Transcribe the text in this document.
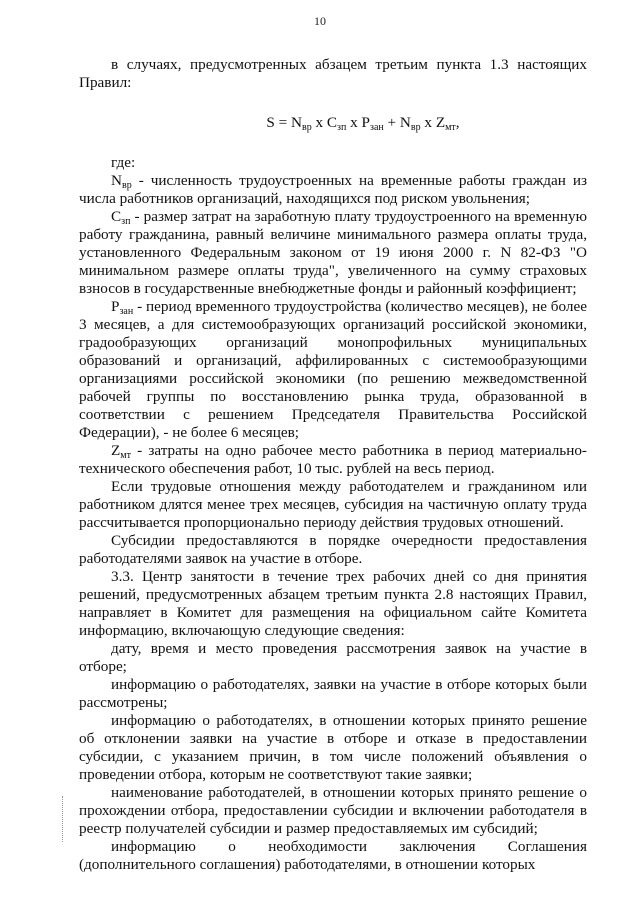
10

в случаях, предусмотренных абзацем третьим пункта 1.3 настоящих Правил:

$S = N_{вр}$ x $C_{зп}$ x $P_{зан} + N_{вр}$ x $Z_{мт}$,

где:

$N_{вр}$ - численность трудоустроенных на временные работы граждан из числа работников организаций, находящихся под риском увольнения;

$C_{зп}$ - размер затрат на заработную плату трудоустроенного на временную работу гражданина, равный величине минимального размера оплаты труда, установленного Федеральным законом от 19 июня 2000 г. N 82-ФЗ "О минимальном размере оплаты труда", увеличенного на сумму страховых взносов в государственные внебюджетные фонды и районный коэффициент;

$P_{зан}$ - период временного трудоустройства (количество месяцев), не более 3 месяцев, а для системообразующих организаций российской экономики, градообразующих организаций монопрофильных муниципальных образований и организаций, аффилированных с системообразующими организациями российской экономики (по решению межведомственной рабочей группы по восстановлению рынка труда, образованной в соответствии с решением Председателя Правительства Российской Федерации), - не более 6 месяцев;

$Z_{мт}$ - затраты на одно рабочее место работника в период материально-технического обеспечения работ, 10 тыс. рублей на весь период.

Если трудовые отношения между работодателем и гражданином или работником длятся менее трех месяцев, субсидия на частичную оплату труда рассчитывается пропорционально периоду действия трудовых отношений.

Субсидии предоставляются в порядке очередности предоставления работодателями заявок на участие в отборе.

3.3. Центр занятости в течение трех рабочих дней со дня принятия решений, предусмотренных абзацем третьим пункта 2.8 настоящих Правил, направляет в Комитет для размещения на официальном сайте Комитета информацию, включающую следующие сведения:

дату, время и место проведения рассмотрения заявок на участие в отборе;

информацию о работодателях, заявки на участие в отборе которых были рассмотрены;

информацию о работодателях, в отношении которых принято решение об отклонении заявки на участие в отборе и отказе в предоставлении субсидии, с указанием причин, в том числе положений объявления о проведении отбора, которым не соответствуют такие заявки;

наименование работодателей, в отношении которых принято решение о прохождении отбора, предоставлении субсидии и включении работодателя в реестр получателей субсидии и размер предоставляемых им субсидий;

информацию о необходимости заключения Соглашения (дополнительного соглашения) работодателями, в отношении которых
